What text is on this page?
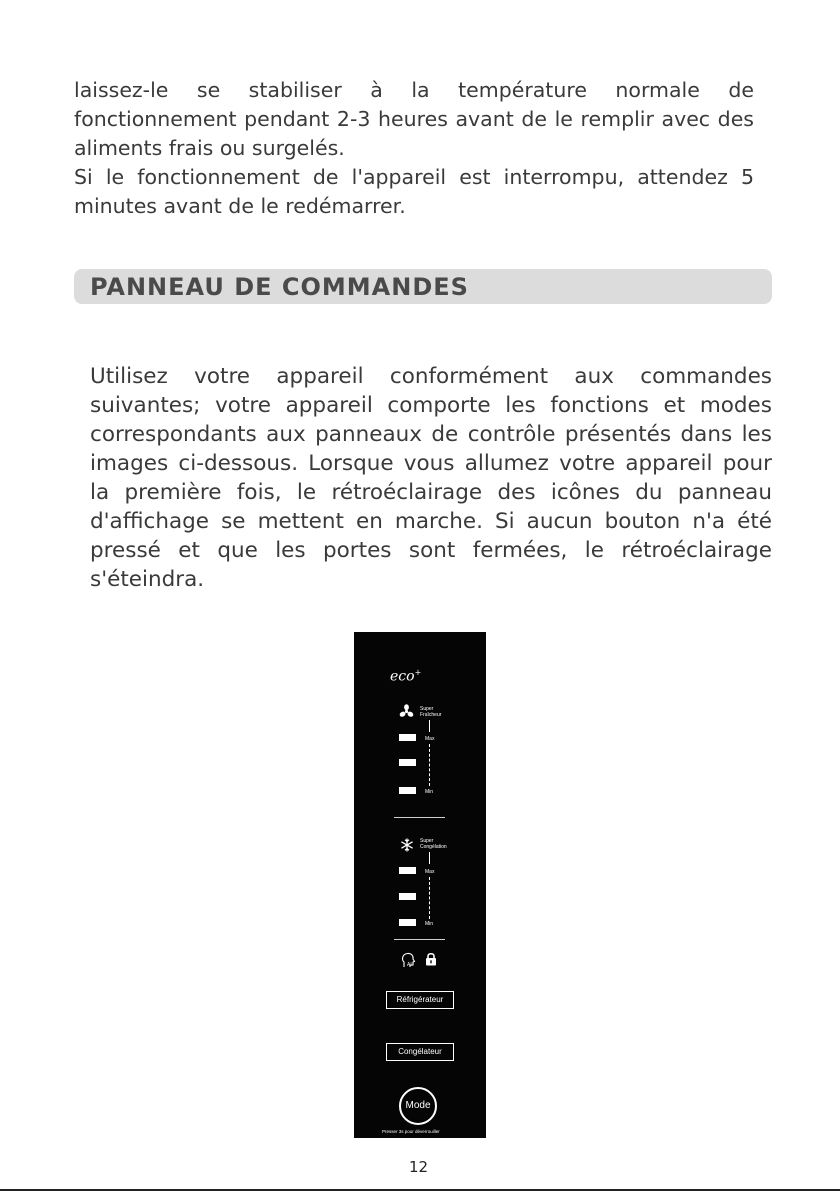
laissez-le se stabiliser à la température normale de fonctionnement pendant 2-3 heures avant de le remplir avec des aliments frais ou surgelés.

Si le fonctionnement de l'appareil est interrompu, attendez 5 minutes avant de le redémarrer.

PANNEAU DE COMMANDES

Utilisez votre appareil conformément aux commandes suivantes; votre appareil comporte les fonctions et modes correspondants aux panneaux de contrôle présentés dans les images ci-dessous. Lorsque vous allumez votre appareil pour la première fois, le rétroéclairage des icônes du panneau d'affichage se mettent en marche. Si aucun bouton n'a été pressé et que les portes sont fermées, le rétroéclairage s'éteindra.

eco+
Super
Fraîcheur
Max
Min
Super
Congélation
Max
Min
AI
Réfrigérateur
Congélateur
Mode
Presser 3s pour déverrouiller
12
